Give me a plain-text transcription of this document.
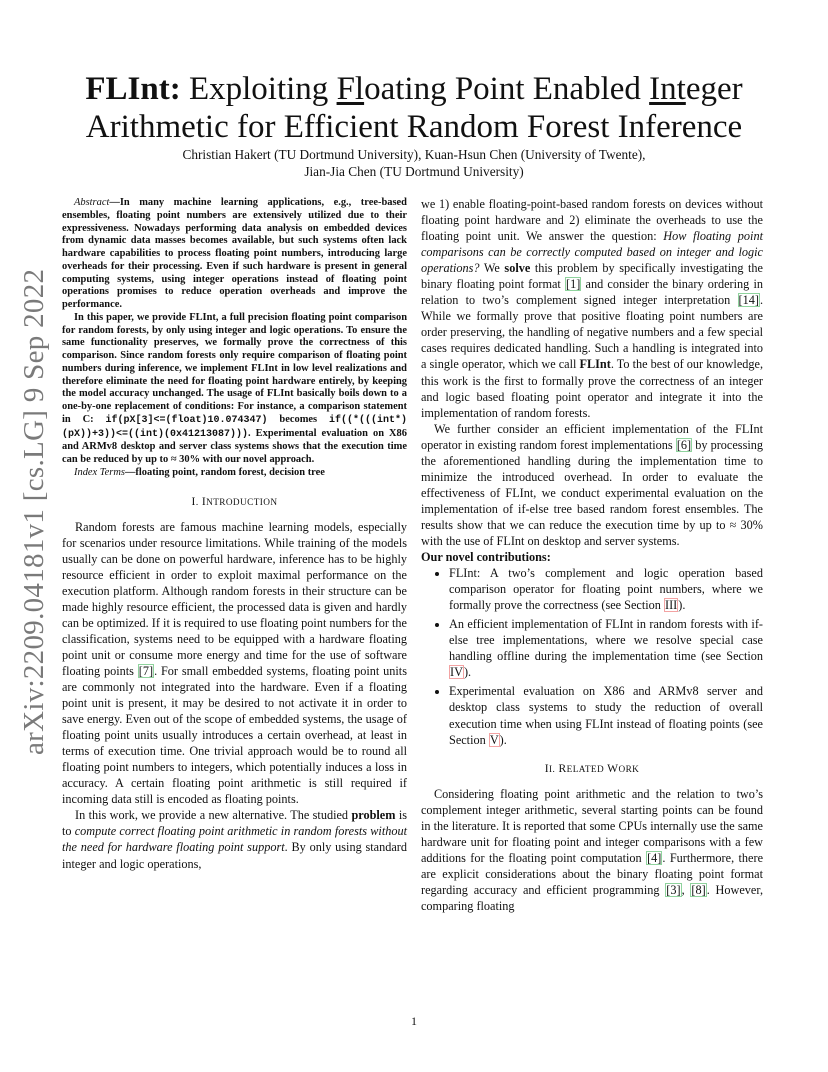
arXiv:2209.04181v1 [cs.LG] 9 Sep 2022
FLInt: Exploiting Floating Point Enabled Integer
Arithmetic for Efficient Random Forest Inference
Christian Hakert (TU Dortmund University), Kuan-Hsun Chen (University of Twente),
Jian-Jia Chen (TU Dortmund University)

Abstract—In many machine learning applications, e.g., tree-based ensembles, floating point numbers are extensively utilized due to their expressiveness. Nowadays performing data analysis on embedded devices from dynamic data masses becomes available, but such systems often lack hardware capabilities to process floating point numbers, introducing large overheads for their processing. Even if such hardware is present in general computing systems, using integer operations instead of floating point operations promises to reduce operation overheads and improve the performance.

In this paper, we provide FLInt, a full precision floating point comparison for random forests, by only using integer and logic operations. To ensure the same functionality preserves, we formally prove the correctness of this comparison. Since random forests only require comparison of floating point numbers during inference, we implement FLInt in low level realizations and therefore eliminate the need for floating point hardware entirely, by keeping the model accuracy unchanged. The usage of FLInt basically boils down to a one-by-one replacement of conditions: For instance, a comparison statement in C: if(pX[3]<=(float)10.074347) becomes if((*(((int*)(pX))+3))<=((int)(0x41213087))). Experimental evaluation on X86 and ARMv8 desktop and server class systems shows that the execution time can be reduced by up to ≈ 30% with our novel approach.

Index Terms—floating point, random forest, decision tree

I. INTRODUCTION

Random forests are famous machine learning models, especially for scenarios under resource limitations. While training of the models usually can be done on powerful hardware, inference has to be highly resource efficient in order to exploit maximal performance on the execution platform. Although random forests in their structure can be made highly resource efficient, the processed data is given and hardly can be optimized. If it is required to use floating point numbers for the classification, systems need to be equipped with a hardware floating point unit or consume more energy and time for the use of software floating points [7]. For small embedded systems, floating point units are commonly not integrated into the hardware. Even if a floating point unit is present, it may be desired to not activate it in order to save energy. Even out of the scope of embedded systems, the usage of floating point units usually introduces a certain overhead, at least in terms of execution time. One trivial approach would be to round all floating point numbers to integers, which potentially induces a loss in accuracy. A certain floating point arithmetic is still required if incoming data still is encoded as floating points.

In this work, we provide a new alternative. The studied problem is to compute correct floating point arithmetic in random forests without the need for hardware floating point support. By only using standard integer and logic operations,

we 1) enable floating-point-based random forests on devices without floating point hardware and 2) eliminate the overheads to use the floating point unit. We answer the question: How floating point comparisons can be correctly computed based on integer and logic operations? We solve this problem by specifically investigating the binary floating point format [1] and consider the binary ordering in relation to two’s complement signed integer interpretation [14]. While we formally prove that positive floating point numbers are order preserving, the handling of negative numbers and a few special cases requires dedicated handling. Such a handling is integrated into a single operator, which we call FLInt. To the best of our knowledge, this work is the first to formally prove the correctness of an integer and logic based floating point operator and integrate it into the implementation of random forests.

We further consider an efficient implementation of the FLInt operator in existing random forest implementations [6] by processing the aforementioned handling during the implementation time to minimize the introduced overhead. In order to evaluate the effectiveness of FLInt, we conduct experimental evaluation on the implementation of if-else tree based random forest ensembles. The results show that we can reduce the execution time by up to ≈ 30% with the use of FLInt on desktop and server systems.

Our novel contributions:

• FLInt: A two’s complement and logic operation based comparison operator for floating point numbers, where we formally prove the correctness (see Section III).
• An efficient implementation of FLInt in random forests with if-else tree implementations, where we resolve special case handling offline during the implementation time (see Section IV).
• Experimental evaluation on X86 and ARMv8 server and desktop class systems to study the reduction of overall execution time when using FLInt instead of floating points (see Section V).
II. RELATED WORK

Considering floating point arithmetic and the relation to two’s complement integer arithmetic, several starting points can be found in the literature. It is reported that some CPUs internally use the same hardware unit for floating point and integer comparisons with a few additions for the floating point computation [4]. Furthermore, there are explicit considerations about the binary floating point format regarding accuracy and efficient programming [3], [8]. However, comparing floating

1
